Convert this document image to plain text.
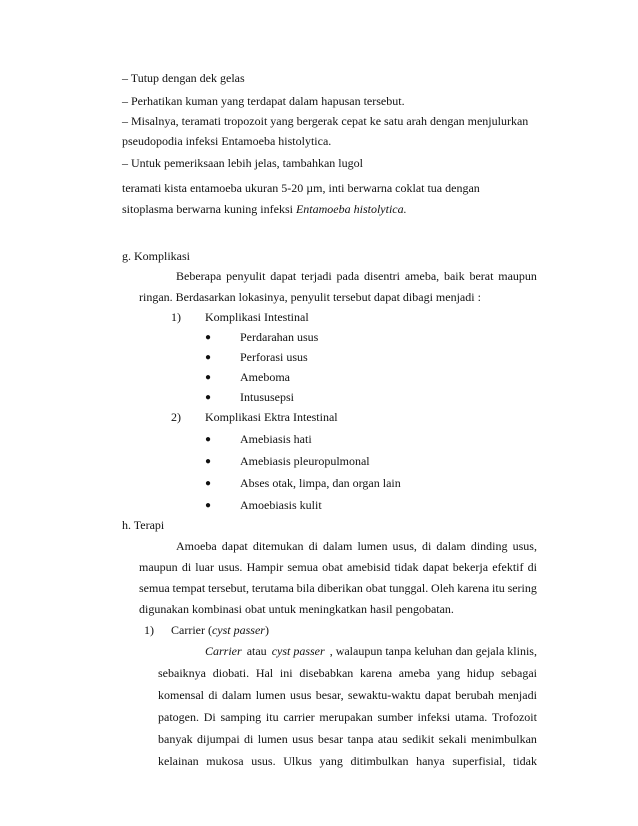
– Tutup dengan dek gelas
– Perhatikan kuman yang terdapat dalam hapusan tersebut.
– Misalnya, teramati tropozoit yang bergerak cepat ke satu arah dengan menjulurkan
pseudopodia infeksi Entamoeba histolytica.
– Untuk pemeriksaan lebih jelas, tambahkan lugol
teramati kista entamoeba ukuran 5-20 µm, inti berwarna coklat tua dengan
sitoplasma berwarna kuning infeksi Entamoeba histolytica.
g. Komplikasi
Beberapa penyulit dapat terjadi pada disentri ameba, baik berat maupun
ringan. Berdasarkan lokasinya, penyulit tersebut dapat dibagi menjadi :
1) Komplikasi Intestinal
● Perdarahan usus
● Perforasi usus
● Ameboma
● Intususepsi
2) Komplikasi Ektra Intestinal
● Amebiasis hati
● Amebiasis pleuropulmonal
● Abses otak, limpa, dan organ lain
● Amoebiasis kulit
h. Terapi
Amoeba dapat ditemukan di dalam lumen usus, di dalam dinding usus,
maupun di luar usus. Hampir semua obat amebisid tidak dapat bekerja efektif di
semua tempat tersebut, terutama bila diberikan obat tunggal. Oleh karena itu sering
digunakan kombinasi obat untuk meningkatkan hasil pengobatan.
1) Carrier (cyst passer)
Carrier atau cyst passer , walaupun tanpa keluhan dan gejala klinis,
sebaiknya diobati. Hal ini disebabkan karena ameba yang hidup sebagai
komensal di dalam lumen usus besar, sewaktu-waktu dapat berubah menjadi
patogen. Di samping itu carrier merupakan sumber infeksi utama. Trofozoit
banyak dijumpai di lumen usus besar tanpa atau sedikit sekali menimbulkan
kelainan mukosa usus. Ulkus yang ditimbulkan hanya superfisial, tidak
